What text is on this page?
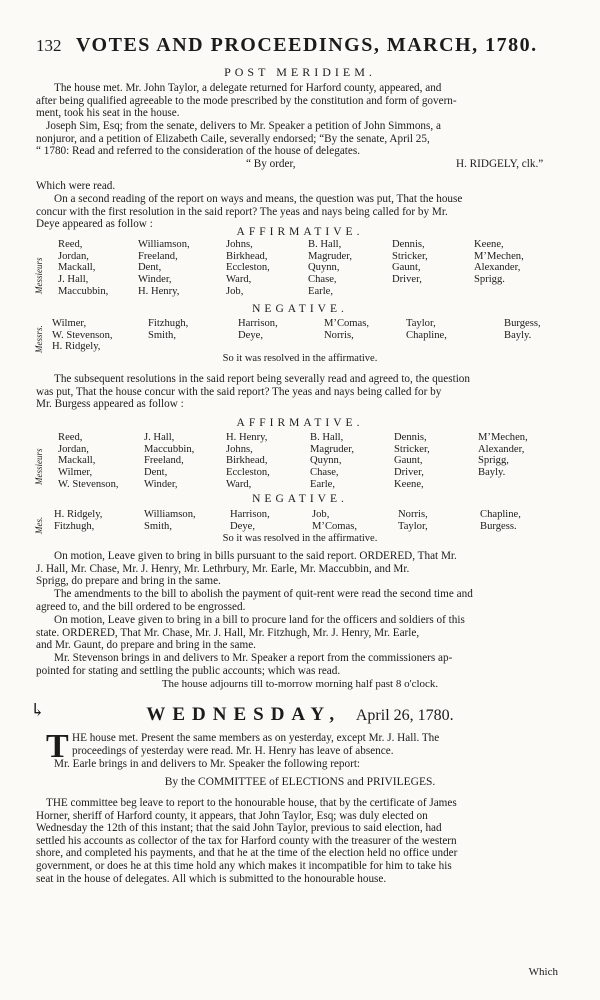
132 VOTES AND PROCEEDINGS, MARCH, 1780.
POST MERIDIEM.

The house met. Mr. John Taylor, a delegate returned for Harford county, appeared, and
after being qualified agreeable to the mode prescribed by the constitution and form of govern-
ment, took his seat in the house.

Joseph Sim, Esq; from the senate, delivers to Mr. Speaker a petition of John Simmons, a
nonjuror, and a petition of Elizabeth Caile, severally endorsed; “By the senate, April 25,
“ 1780: Read and referred to the consideration of the house of delegates.

“ By order,	H. RIDGELY, clk.”

Which were read.

On a second reading of the report on ways and means, the question was put, That the house
concur with the first resolution in the said report? The yeas and nays being called for by Mr.
Deye appeared as follow :

AFFIRMATIVE.
Messieurs
Reed,
Jordan,
Mackall,
J. Hall,
Maccubbin,
Williamson,
Freeland,
Dent,
Winder,
H. Henry,
Johns,
Birkhead,
Eccleston,
Ward,
Job,
B. Hall,
Magruder,
Quynn,
Chase,
Earle,
Dennis,
Stricker,
Gaunt,
Driver,
Keene,
M’Mechen,
Alexander,
Sprigg.
NEGATIVE.
Messrs.
Wilmer,
W. Stevenson,
H. Ridgely,
Fitzhugh,
Smith,
Harrison,
Deye,
M’Comas,
Norris,
Taylor,
Chapline,
Burgess,
Bayly.
So it was resolved in the affirmative.

The subsequent resolutions in the said report being severally read and agreed to, the question
was put, That the house concur with the said report? The yeas and nays being called for by
Mr. Burgess appeared as follow :

AFFIRMATIVE.
Messieurs
Reed,
Jordan,
Mackall,
Wilmer,
W. Stevenson,
J. Hall,
Maccubbin,
Freeland,
Dent,
Winder,
H. Henry,
Johns,
Birkhead,
Eccleston,
Ward,
B. Hall,
Magruder,
Quynn,
Chase,
Earle,
Dennis,
Stricker,
Gaunt,
Driver,
Keene,
M’Mechen,
Alexander,
Sprigg,
Bayly.
NEGATIVE.
Mes.
H. Ridgely,
Fitzhugh,
Williamson,
Smith,
Harrison,
Deye,
Job,
M’Comas,
Norris,
Taylor,
Chapline,
Burgess.
So it was resolved in the affirmative.

On motion, Leave given to bring in bills pursuant to the said report. ORDERED, That Mr.
J. Hall, Mr. Chase, Mr. J. Henry, Mr. Lethrbury, Mr. Earle, Mr. Maccubbin, and Mr.
Sprigg, do prepare and bring in the same.

The amendments to the bill to abolish the payment of quit-rent were read the second time and
agreed to, and the bill ordered to be engrossed.

On motion, Leave given to bring in a bill to procure land for the officers and soldiers of this
state. ORDERED, That Mr. Chase, Mr. J. Hall, Mr. Fitzhugh, Mr. J. Henry, Mr. Earle,
and Mr. Gaunt, do prepare and bring in the same.

Mr. Stevenson brings in and delivers to Mr. Speaker a report from the commissioners ap-
pointed for stating and settling the public accounts; which was read.

The house adjourns till to-morrow morning half past 8 o'clock.
↳	WEDNESDAY, April 26, 1780.
T HE house met. Present the same members as on yesterday, except Mr. J. Hall. The
proceedings of yesterday were read. Mr. H. Henry has leave of absence.

Mr. Earle brings in and delivers to Mr. Speaker the following report:

By the COMMITTEE of ELECTIONS and PRIVILEGES.

THE committee beg leave to report to the honourable house, that by the certificate of James
Horner, sheriff of Harford county, it appears, that John Taylor, Esq; was duly elected on
Wednesday the 12th of this instant; that the said John Taylor, previous to said election, had
settled his accounts as collector of the tax for Harford county with the treasurer of the western
shore, and completed his payments, and that he at the time of the election held no office under
government, or does he at this time hold any which makes it incompatible for him to take his
seat in the house of delegates. All which is submitted to the honourable house.

Which
